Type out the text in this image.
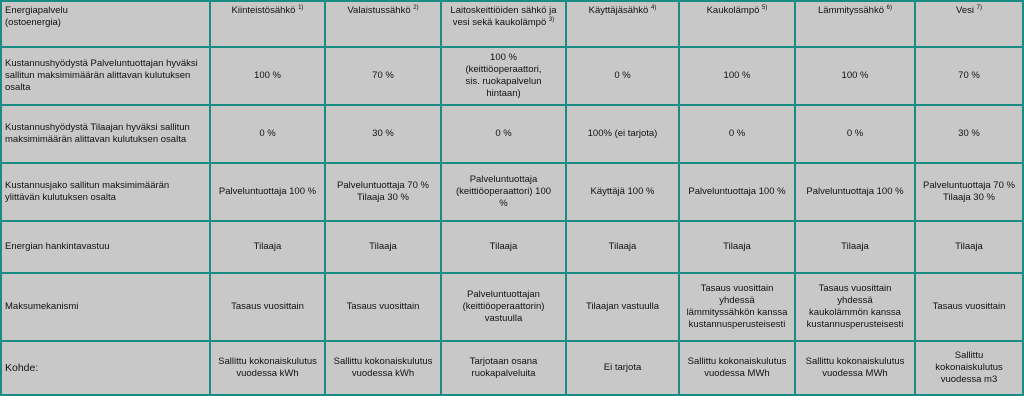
Energiapalvelu
(ostoenergia)	Kiinteistösähkö $^{1)}$	Valaistussähkö $^{2)}$	Laitoskeittiöiden sähkö ja
vesi sekä kaukolämpö $^{3)}$	Käyttäjäsähkö $^{4)}$	Kaukolämpö $^{5)}$	Lämmityssähkö $^{6)}$	Vesi $^{7)}$

Kustannushyödystä Palveluntuottajan hyväksi
sallitun maksimimäärän alittavan kulutuksen
osalta	100 %	70 %	100 %
(keittiöoperaattori,
sis. ruokapalvelun
hintaan)	0 %	100 %	100 %	70 %

Kustannushyödystä Tilaajan hyväksi sallitun
maksimimäärän alittavan kulutuksen osalta	0 %	30 %	0 %	100% (ei tarjota)	0 %	0 %	30 %

Kustannusjako sallitun maksimimäärän
ylittävän kulutuksen osalta	Palveluntuottaja 100 %	Palveluntuottaja 70 %
Tilaaja 30 %	Palveluntuottaja
(keittiöoperaattori) 100
%	Käyttäjä 100 %	Palveluntuottaja 100 %	Palveluntuottaja 100 %	Palveluntuottaja 70 %
Tilaaja 30 %

Energian hankintavastuu	Tilaaja	Tilaaja	Tilaaja	Tilaaja	Tilaaja	Tilaaja	Tilaaja

Maksumekanismi	Tasaus vuosittain	Tasaus vuosittain	Palveluntuottajan
(keittiöoperaattorin)
vastuulla	Tilaajan vastuulla	Tasaus vuosittain yhdessä
lämmityssähkön kanssa
kustannusperusteisesti	Tasaus vuosittain yhdessä
kaukolämmön kanssa
kustannusperusteisesti	Tasaus vuosittain

Kohde:	Sallittu kokonaiskulutus
vuodessa kWh	Sallittu kokonaiskulutus
vuodessa kWh	Tarjotaan osana
ruokapalveluita	Ei tarjota	Sallittu kokonaiskulutus
vuodessa MWh	Sallittu kokonaiskulutus
vuodessa MWh	Sallittu kokonaiskulutus
vuodessa m3
